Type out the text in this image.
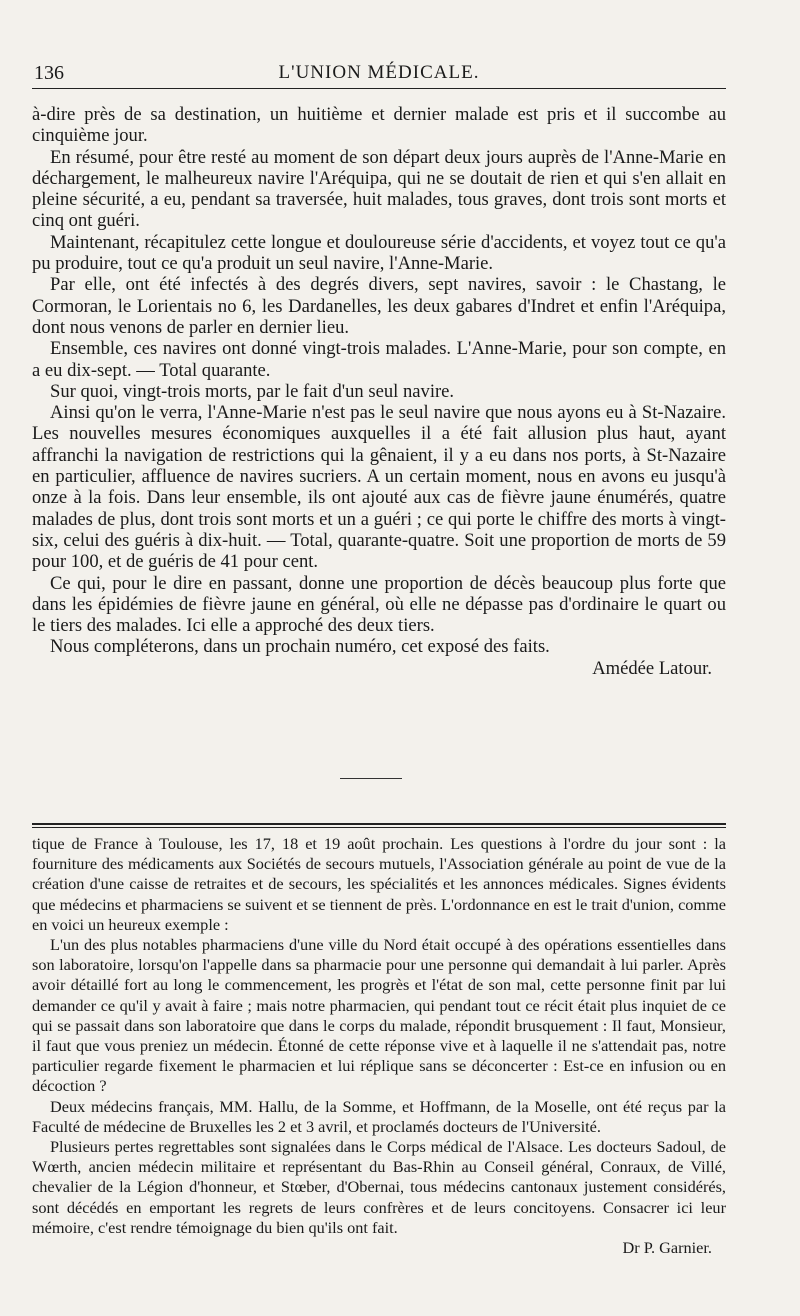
136	L'UNION MÉDICALE.

à-dire près de sa destination, un huitième et dernier malade est pris et il succombe au cinquième jour.

En résumé, pour être resté au moment de son départ deux jours auprès de l'Anne-Marie en déchargement, le malheureux navire l'Aréquipa, qui ne se doutait de rien et qui s'en allait en pleine sécurité, a eu, pendant sa traversée, huit malades, tous graves, dont trois sont morts et cinq ont guéri.

Maintenant, récapitulez cette longue et douloureuse série d'accidents, et voyez tout ce qu'a pu produire, tout ce qu'a produit un seul navire, l'Anne-Marie.

Par elle, ont été infectés à des degrés divers, sept navires, savoir : le Chastang, le Cormoran, le Lorientais no 6, les Dardanelles, les deux gabares d'Indret et enfin l'Aréquipa, dont nous venons de parler en dernier lieu.

Ensemble, ces navires ont donné vingt-trois malades. L'Anne-Marie, pour son compte, en a eu dix-sept. — Total quarante.

Sur quoi, vingt-trois morts, par le fait d'un seul navire.

Ainsi qu'on le verra, l'Anne-Marie n'est pas le seul navire que nous ayons eu à St-Nazaire. Les nouvelles mesures économiques auxquelles il a été fait allusion plus haut, ayant affranchi la navigation de restrictions qui la gênaient, il y a eu dans nos ports, à St-Nazaire en particulier, affluence de navires sucriers. A un certain moment, nous en avons eu jusqu'à onze à la fois. Dans leur ensemble, ils ont ajouté aux cas de fièvre jaune énumérés, quatre malades de plus, dont trois sont morts et un a guéri ; ce qui porte le chiffre des morts à vingt-six, celui des guéris à dix-huit. — Total, quarante-quatre. Soit une proportion de morts de 59 pour 100, et de guéris de 41 pour cent.

Ce qui, pour le dire en passant, donne une proportion de décès beaucoup plus forte que dans les épidémies de fièvre jaune en général, où elle ne dépasse pas d'ordinaire le quart ou le tiers des malades. Ici elle a approché des deux tiers.

Nous compléterons, dans un prochain numéro, cet exposé des faits.

Amédée Latour.

tique de France à Toulouse, les 17, 18 et 19 août prochain. Les questions à l'ordre du jour sont : la fourniture des médicaments aux Sociétés de secours mutuels, l'Association générale au point de vue de la création d'une caisse de retraites et de secours, les spécialités et les annonces médicales. Signes évidents que médecins et pharmaciens se suivent et se tiennent de près. L'ordonnance en est le trait d'union, comme en voici un heureux exemple :

L'un des plus notables pharmaciens d'une ville du Nord était occupé à des opérations essentielles dans son laboratoire, lorsqu'on l'appelle dans sa pharmacie pour une personne qui demandait à lui parler. Après avoir détaillé fort au long le commencement, les progrès et l'état de son mal, cette personne finit par lui demander ce qu'il y avait à faire ; mais notre pharmacien, qui pendant tout ce récit était plus inquiet de ce qui se passait dans son laboratoire que dans le corps du malade, répondit brusquement : Il faut, Monsieur, il faut que vous preniez un médecin. Étonné de cette réponse vive et à laquelle il ne s'attendait pas, notre particulier regarde fixement le pharmacien et lui réplique sans se déconcerter : Est-ce en infusion ou en décoction ?

Deux médecins français, MM. Hallu, de la Somme, et Hoffmann, de la Moselle, ont été reçus par la Faculté de médecine de Bruxelles les 2 et 3 avril, et proclamés docteurs de l'Université.

Plusieurs pertes regrettables sont signalées dans le Corps médical de l'Alsace. Les docteurs Sadoul, de Wœrth, ancien médecin militaire et représentant du Bas-Rhin au Conseil général, Conraux, de Villé, chevalier de la Légion d'honneur, et Stœber, d'Obernai, tous médecins cantonaux justement considérés, sont décédés en emportant les regrets de leurs confrères et de leurs concitoyens. Consacrer ici leur mémoire, c'est rendre témoignage du bien qu'ils ont fait.

Dr P. Garnier.
